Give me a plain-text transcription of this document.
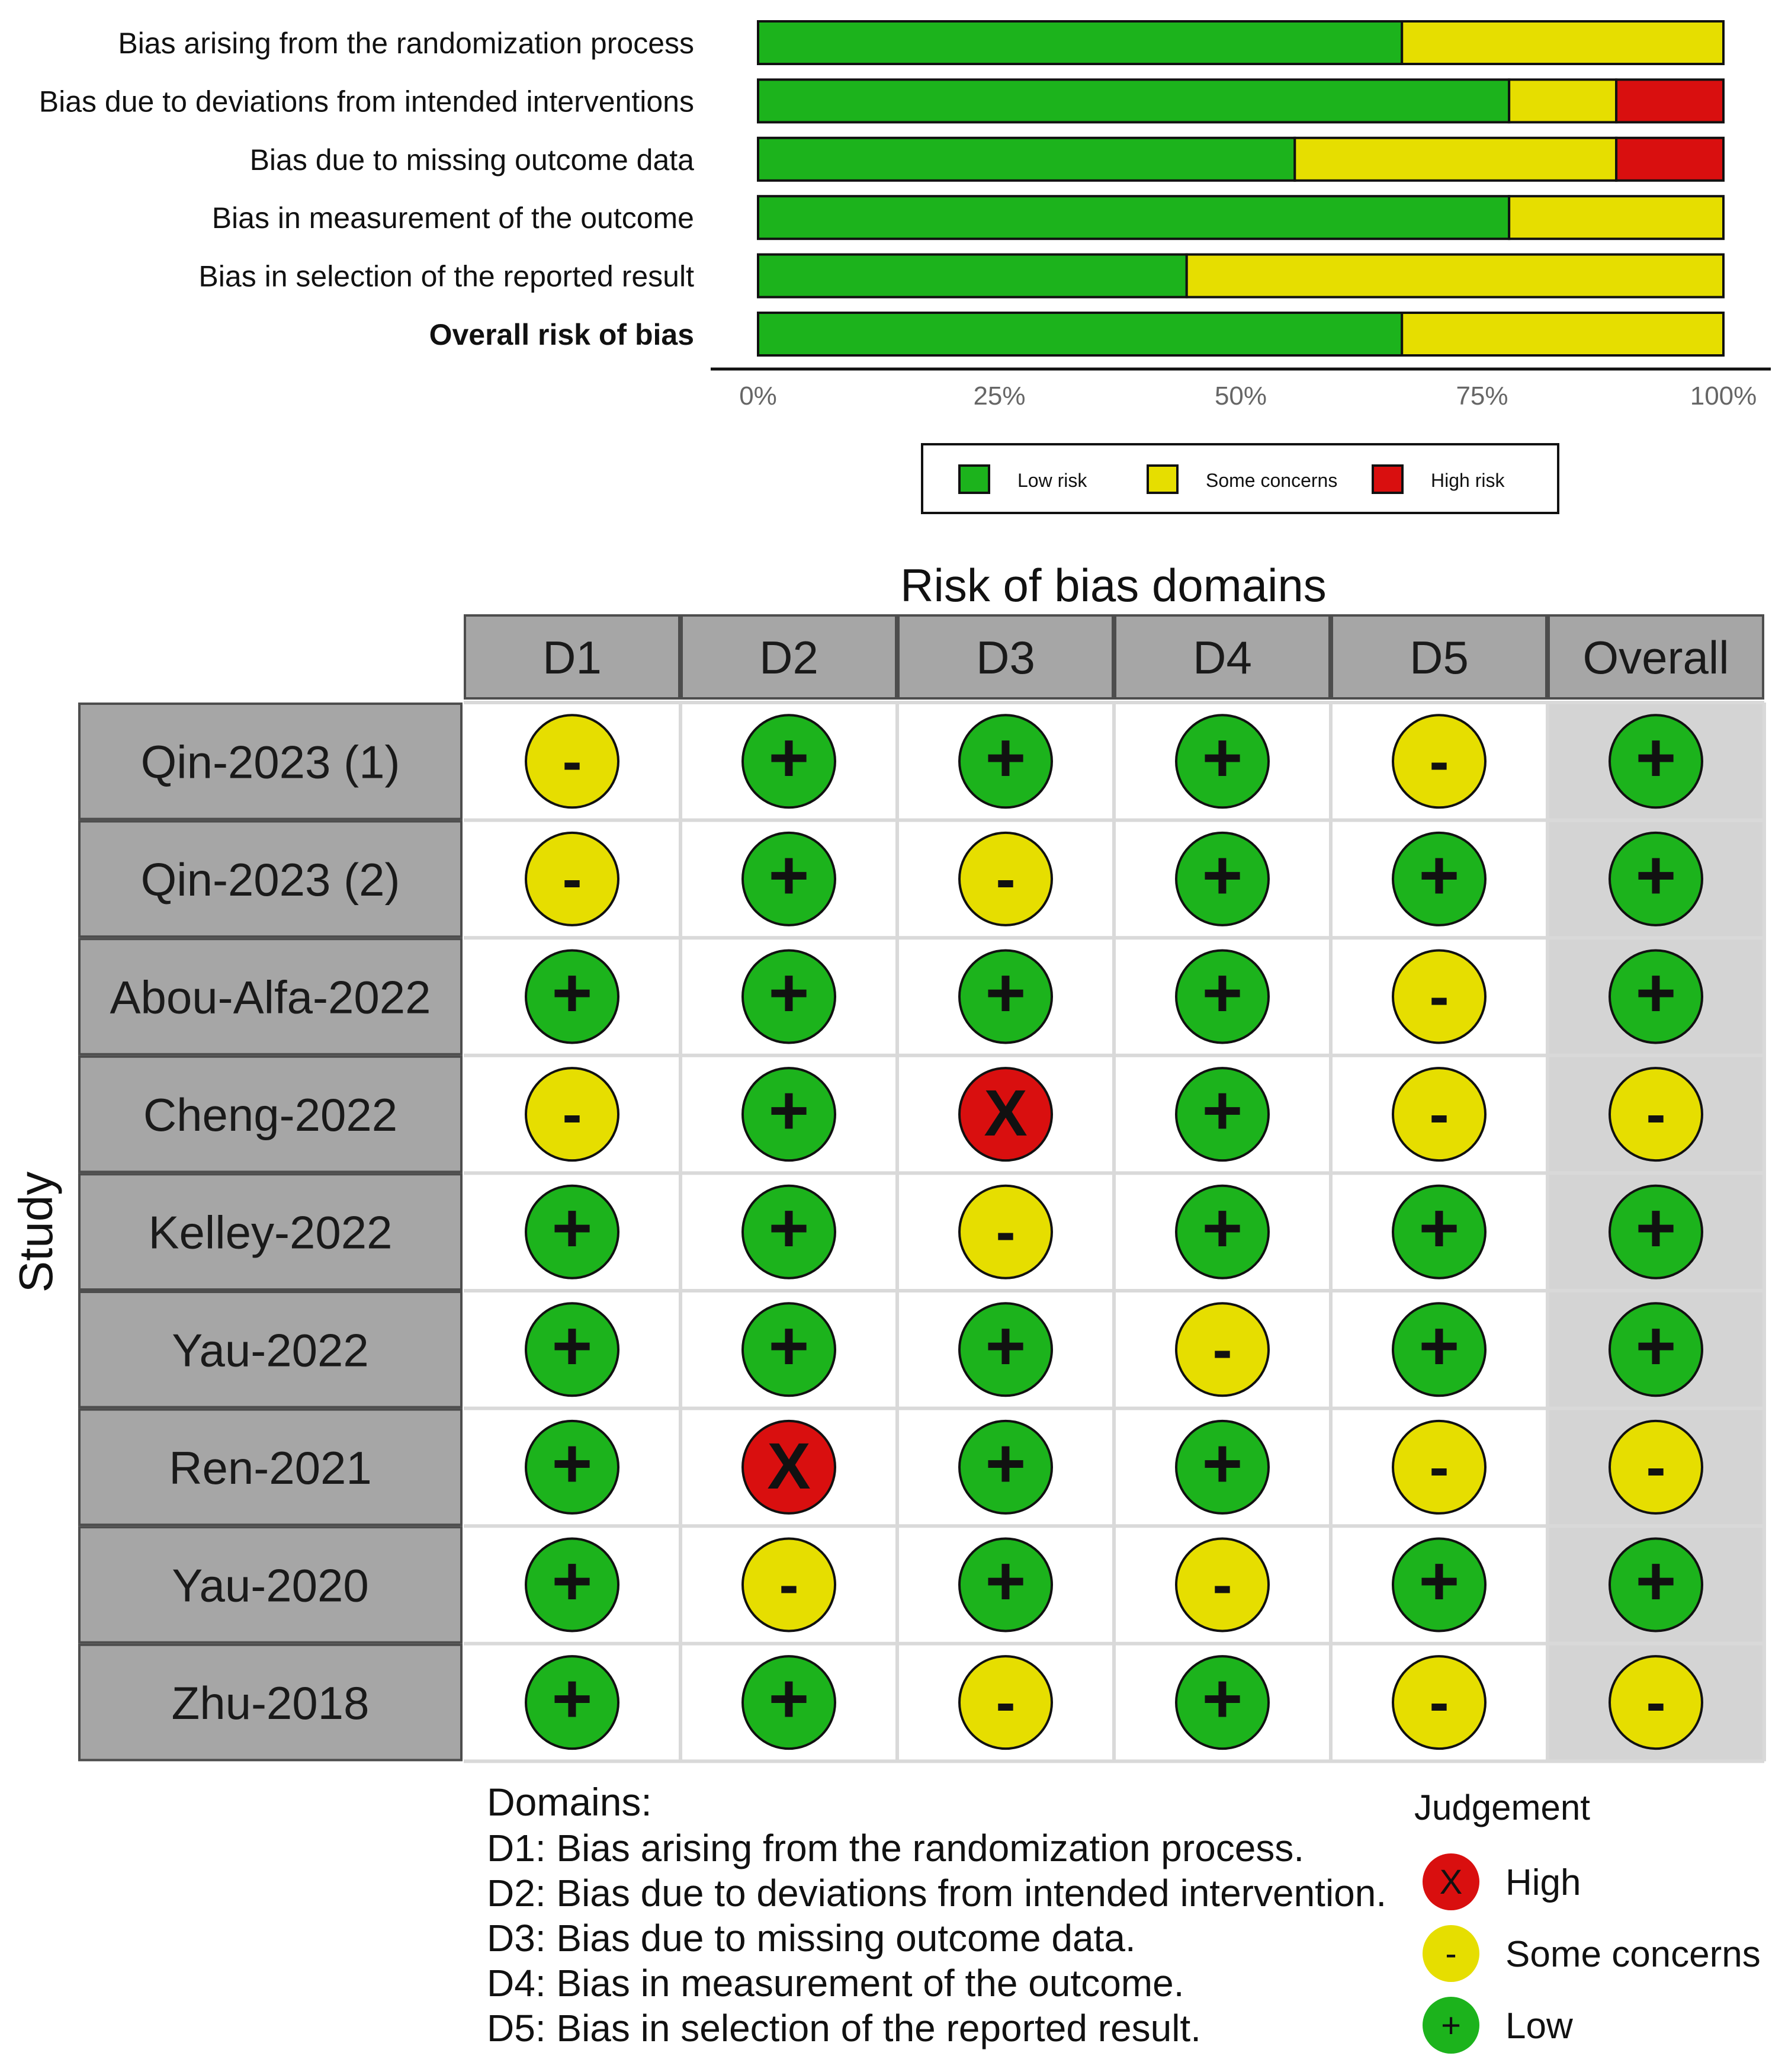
Bias arising from the randomization process
Bias due to deviations from intended interventions
Bias due to missing outcome data
Bias in measurement of the outcome
Bias in selection of the reported result
Overall risk of bias
0%	25%	50%	75%	100%
Low risk	Some concerns	High risk
Risk of bias domains
Study
D1	D2	D3	D4	D5 Overall
Qin-2023 (1)	-	+	+	+	-	+
Qin-2023 (2)	-	+	-	+	+	+
Abou-Alfa-2022 +	+	+	+	-	+
Cheng-2022	-	+	X +	-	-
Kelley-2022 +	+	-	+	+	+
Yau-2022	+	+	+	-	+	+
Ren-2021	+	X +	+	-	-
Yau-2020	+	-	+	-	+	+
Zhu-2018	+	+	-	+	-	-
Domains:
D1: Bias arising from the randomization process.
D2: Bias due to deviations from intended intervention.
D3: Bias due to missing outcome data.
D4: Bias in measurement of the outcome.
D5: Bias in selection of the reported result.
Judgement
X High
- Some concerns
+ Low
